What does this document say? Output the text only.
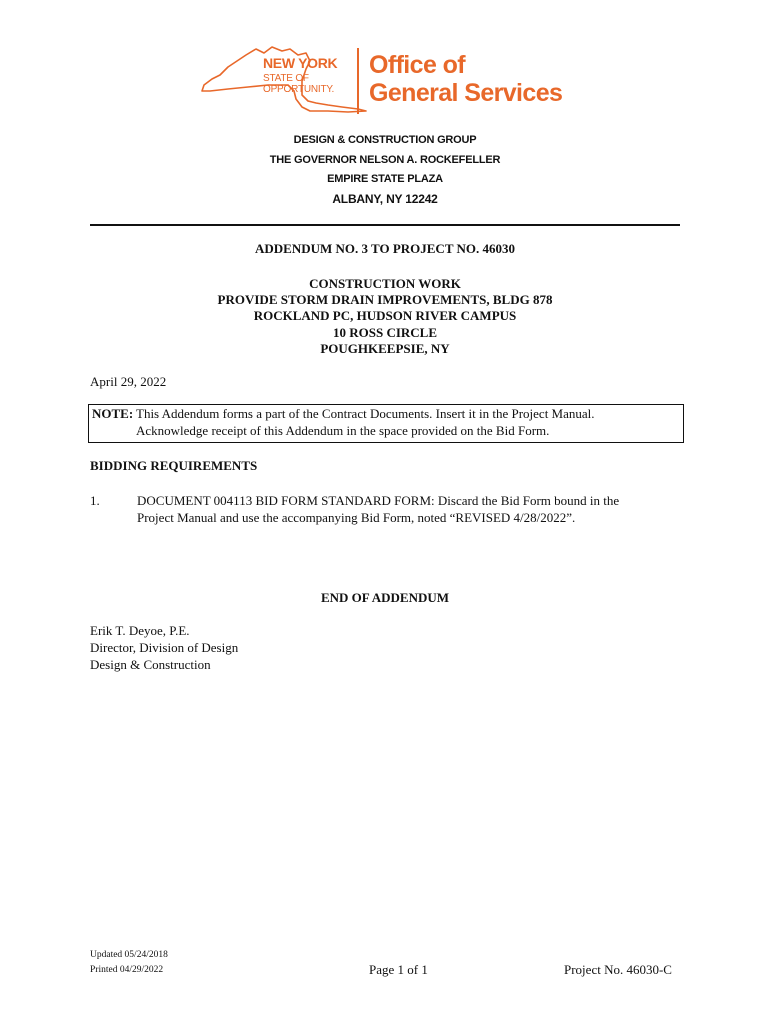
NEW YORK
STATE OF
OPPORTUNITY.
Office of
General Services
DESIGN & CONSTRUCTION GROUP
THE GOVERNOR NELSON A. ROCKEFELLER
EMPIRE STATE PLAZA
ALBANY, NY 12242
ADDENDUM NO. 3 TO PROJECT NO. 46030
CONSTRUCTION WORK
PROVIDE STORM DRAIN IMPROVEMENTS, BLDG 878
ROCKLAND PC, HUDSON RIVER CAMPUS
10 ROSS CIRCLE
POUGHKEEPSIE, NY
April 29, 2022
NOTE: This Addendum forms a part of the Contract Documents. Insert it in the Project Manual.
Acknowledge receipt of this Addendum in the space provided on the Bid Form.
BIDDING REQUIREMENTS
1.	DOCUMENT 004113 BID FORM STANDARD FORM: Discard the Bid Form bound in the
Project Manual and use the accompanying Bid Form, noted “REVISED 4/28/2022”.
END OF ADDENDUM
Erik T. Deyoe, P.E.
Director, Division of Design
Design & Construction
Updated 05/24/2018
Printed 04/29/2022	Page 1 of 1	Project No. 46030-C
